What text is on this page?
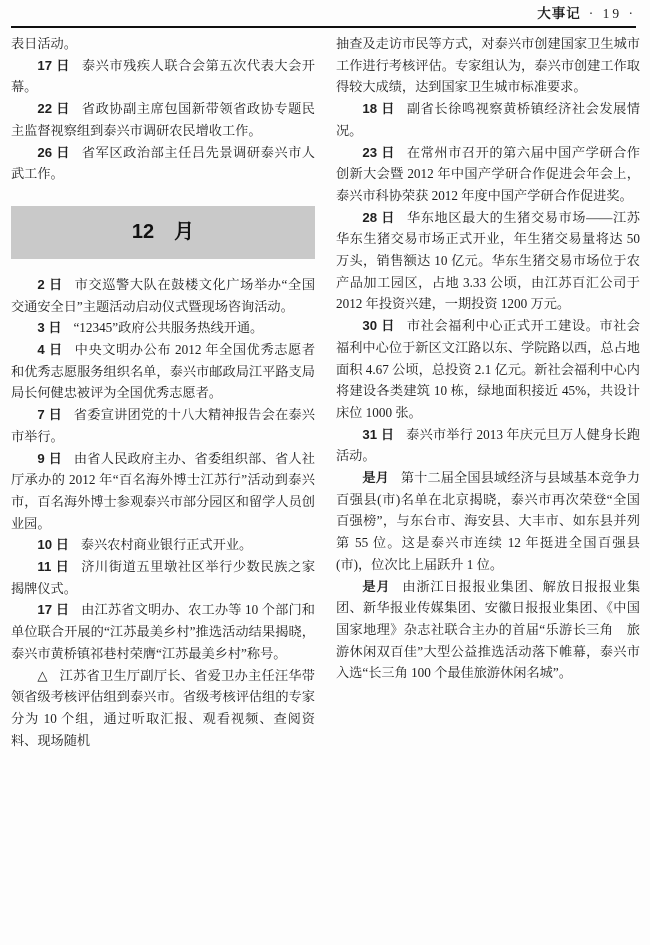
大事记 · 19 ·

表日活动。

17 日 泰兴市残疾人联合会第五次代表大会开幕。

22 日 省政协副主席包国新带领省政协专题民主监督视察组到泰兴市调研农民增收工作。

26 日 省军区政治部主任吕先景调研泰兴市人武工作。

12　月

2 日 市交巡警大队在鼓楼文化广场举办“全国交通安全日”主题活动启动仪式暨现场咨询活动。

3 日 “12345”政府公共服务热线开通。

4 日 中央文明办公布 2012 年全国优秀志愿者和优秀志愿服务组织名单，泰兴市邮政局江平路支局局长何健忠被评为全国优秀志愿者。

7 日 省委宣讲团党的十八大精神报告会在泰兴市举行。

9 日 由省人民政府主办、省委组织部、省人社厅承办的 2012 年“百名海外博士江苏行”活动到泰兴市，百名海外博士参观泰兴市部分园区和留学人员创业园。

10 日 泰兴农村商业银行正式开业。

11 日 济川街道五里墩社区举行少数民族之家揭牌仪式。

17 日 由江苏省文明办、农工办等 10 个部门和单位联合开展的“江苏最美乡村”推选活动结果揭晓，泰兴市黄桥镇祁巷村荣膺“江苏最美乡村”称号。

△ 江苏省卫生厅副厅长、省爱卫办主任汪华带领省级考核评估组到泰兴市。省级考核评估组的专家分为 10 个组，通过听取汇报、观看视频、查阅资料、现场随机

抽查及走访市民等方式，对泰兴市创建国家卫生城市工作进行考核评估。专家组认为，泰兴市创建工作取得较大成绩，达到国家卫生城市标准要求。

18 日 副省长徐鸣视察黄桥镇经济社会发展情况。

23 日 在常州市召开的第六届中国产学研合作创新大会暨 2012 年中国产学研合作促进会年会上，泰兴市科协荣获 2012 年度中国产学研合作促进奖。

28 日 华东地区最大的生猪交易市场——江苏华东生猪交易市场正式开业，年生猪交易量将达 50 万头，销售额达 10 亿元。华东生猪交易市场位于农产品加工园区，占地 3.33 公顷，由江苏百汇公司于 2012 年投资兴建，一期投资 1200 万元。

30 日 市社会福利中心正式开工建设。市社会福利中心位于新区文江路以东、学院路以西，总占地面积 4.67 公顷，总投资 2.1 亿元。新社会福利中心内将建设各类建筑 10 栋，绿地面积接近 45%，共设计床位 1000 张。

31 日 泰兴市举行 2013 年庆元旦万人健身长跑活动。

是月 第十二届全国县域经济与县域基本竞争力百强县(市)名单在北京揭晓，泰兴市再次荣登“全国百强榜”，与东台市、海安县、大丰市、如东县并列第 55 位。这是泰兴市连续 12 年挺进全国百强县(市)，位次比上届跃升 1 位。

是月 由浙江日报报业集团、解放日报报业集团、新华报业传媒集团、安徽日报报业集团、《中国国家地理》杂志社联合主办的首届“乐游长三角　旅游休闲双百佳”大型公益推选活动落下帷幕，泰兴市入选“长三角 100 个最佳旅游休闲名城”。
